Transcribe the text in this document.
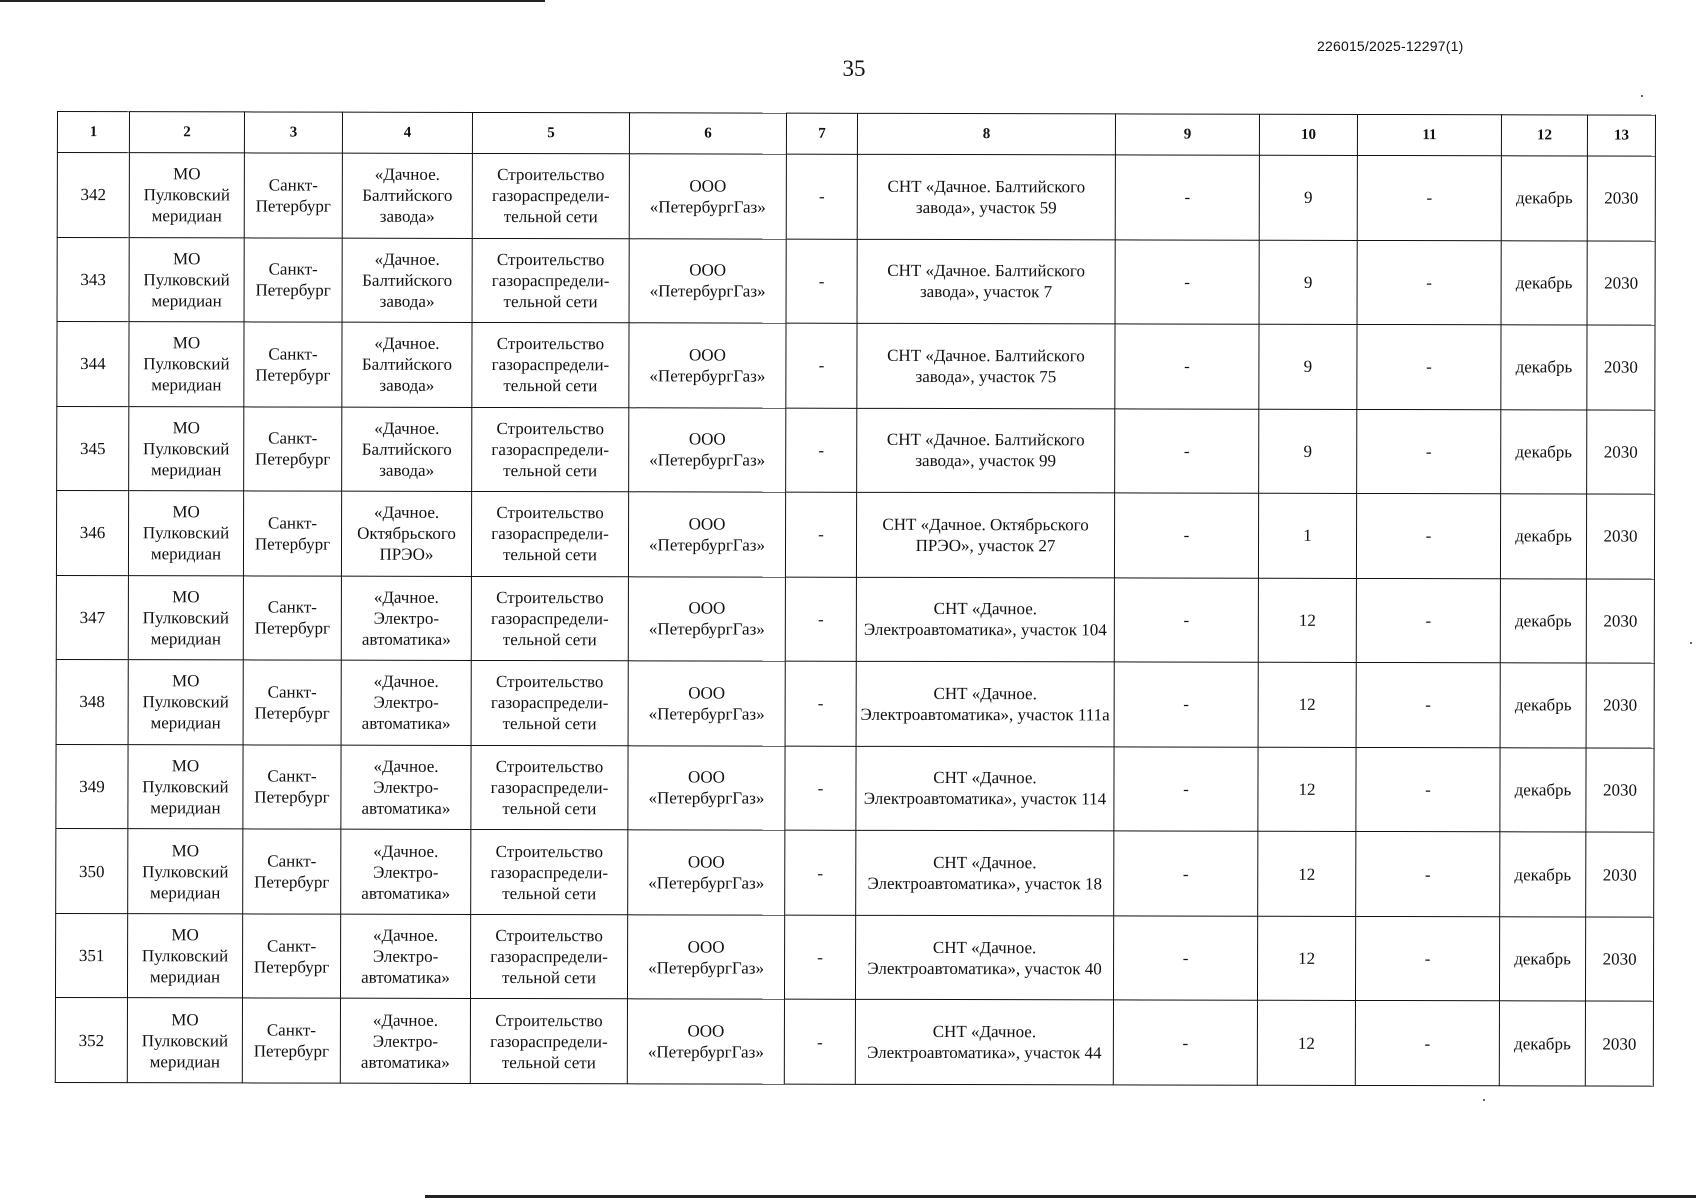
226015/2025-12297(1)
35
1	2	3	4	5	6	7	8	9	10	11	12	13
342	МО Пулковский меридиан	Санкт-Петербург	«Дачное. Балтийского завода»	Строительство газораспредели-тельной сети	ООО «ПетербургГаз»	-	СНТ «Дачное. Балтийского завода», участок 59	-	9	-	декабрь	2030
343	МО Пулковский меридиан	Санкт-Петербург	«Дачное. Балтийского завода»	Строительство газораспредели-тельной сети	ООО «ПетербургГаз»	-	СНТ «Дачное. Балтийского завода», участок 7	-	9	-	декабрь	2030
344	МО Пулковский меридиан	Санкт-Петербург	«Дачное. Балтийского завода»	Строительство газораспредели-тельной сети	ООО «ПетербургГаз»	-	СНТ «Дачное. Балтийского завода», участок 75	-	9	-	декабрь	2030
345	МО Пулковский меридиан	Санкт-Петербург	«Дачное. Балтийского завода»	Строительство газораспредели-тельной сети	ООО «ПетербургГаз»	-	СНТ «Дачное. Балтийского завода», участок 99	-	9	-	декабрь	2030
346	МО Пулковский меридиан	Санкт-Петербург	«Дачное. Октябрьского ПРЭО»	Строительство газораспредели-тельной сети	ООО «ПетербургГаз»	-	СНТ «Дачное. Октябрьского ПРЭО», участок 27	-	1	-	декабрь	2030
347	МО Пулковский меридиан	Санкт-Петербург	«Дачное. Электро-автоматика»	Строительство газораспредели-тельной сети	ООО «ПетербургГаз»	-	СНТ «Дачное. Электроавтоматика», участок 104	-	12	-	декабрь	2030
348	МО Пулковский меридиан	Санкт-Петербург	«Дачное. Электро-автоматика»	Строительство газораспредели-тельной сети	ООО «ПетербургГаз»	-	СНТ «Дачное. Электроавтоматика», участок 111а	-	12	-	декабрь	2030
349	МО Пулковский меридиан	Санкт-Петербург	«Дачное. Электро-автоматика»	Строительство газораспредели-тельной сети	ООО «ПетербургГаз»	-	СНТ «Дачное. Электроавтоматика», участок 114	-	12	-	декабрь	2030
350	МО Пулковский меридиан	Санкт-Петербург	«Дачное. Электро-автоматика»	Строительство газораспредели-тельной сети	ООО «ПетербургГаз»	-	СНТ «Дачное. Электроавтоматика», участок 18	-	12	-	декабрь	2030
351	МО Пулковский меридиан	Санкт-Петербург	«Дачное. Электро-автоматика»	Строительство газораспредели-тельной сети	ООО «ПетербургГаз»	-	СНТ «Дачное. Электроавтоматика», участок 40	-	12	-	декабрь	2030
352	МО Пулковский меридиан	Санкт-Петербург	«Дачное. Электро-автоматика»	Строительство газораспредели-тельной сети	ООО «ПетербургГаз»	-	СНТ «Дачное. Электроавтоматика», участок 44	-	12	-	декабрь	2030
